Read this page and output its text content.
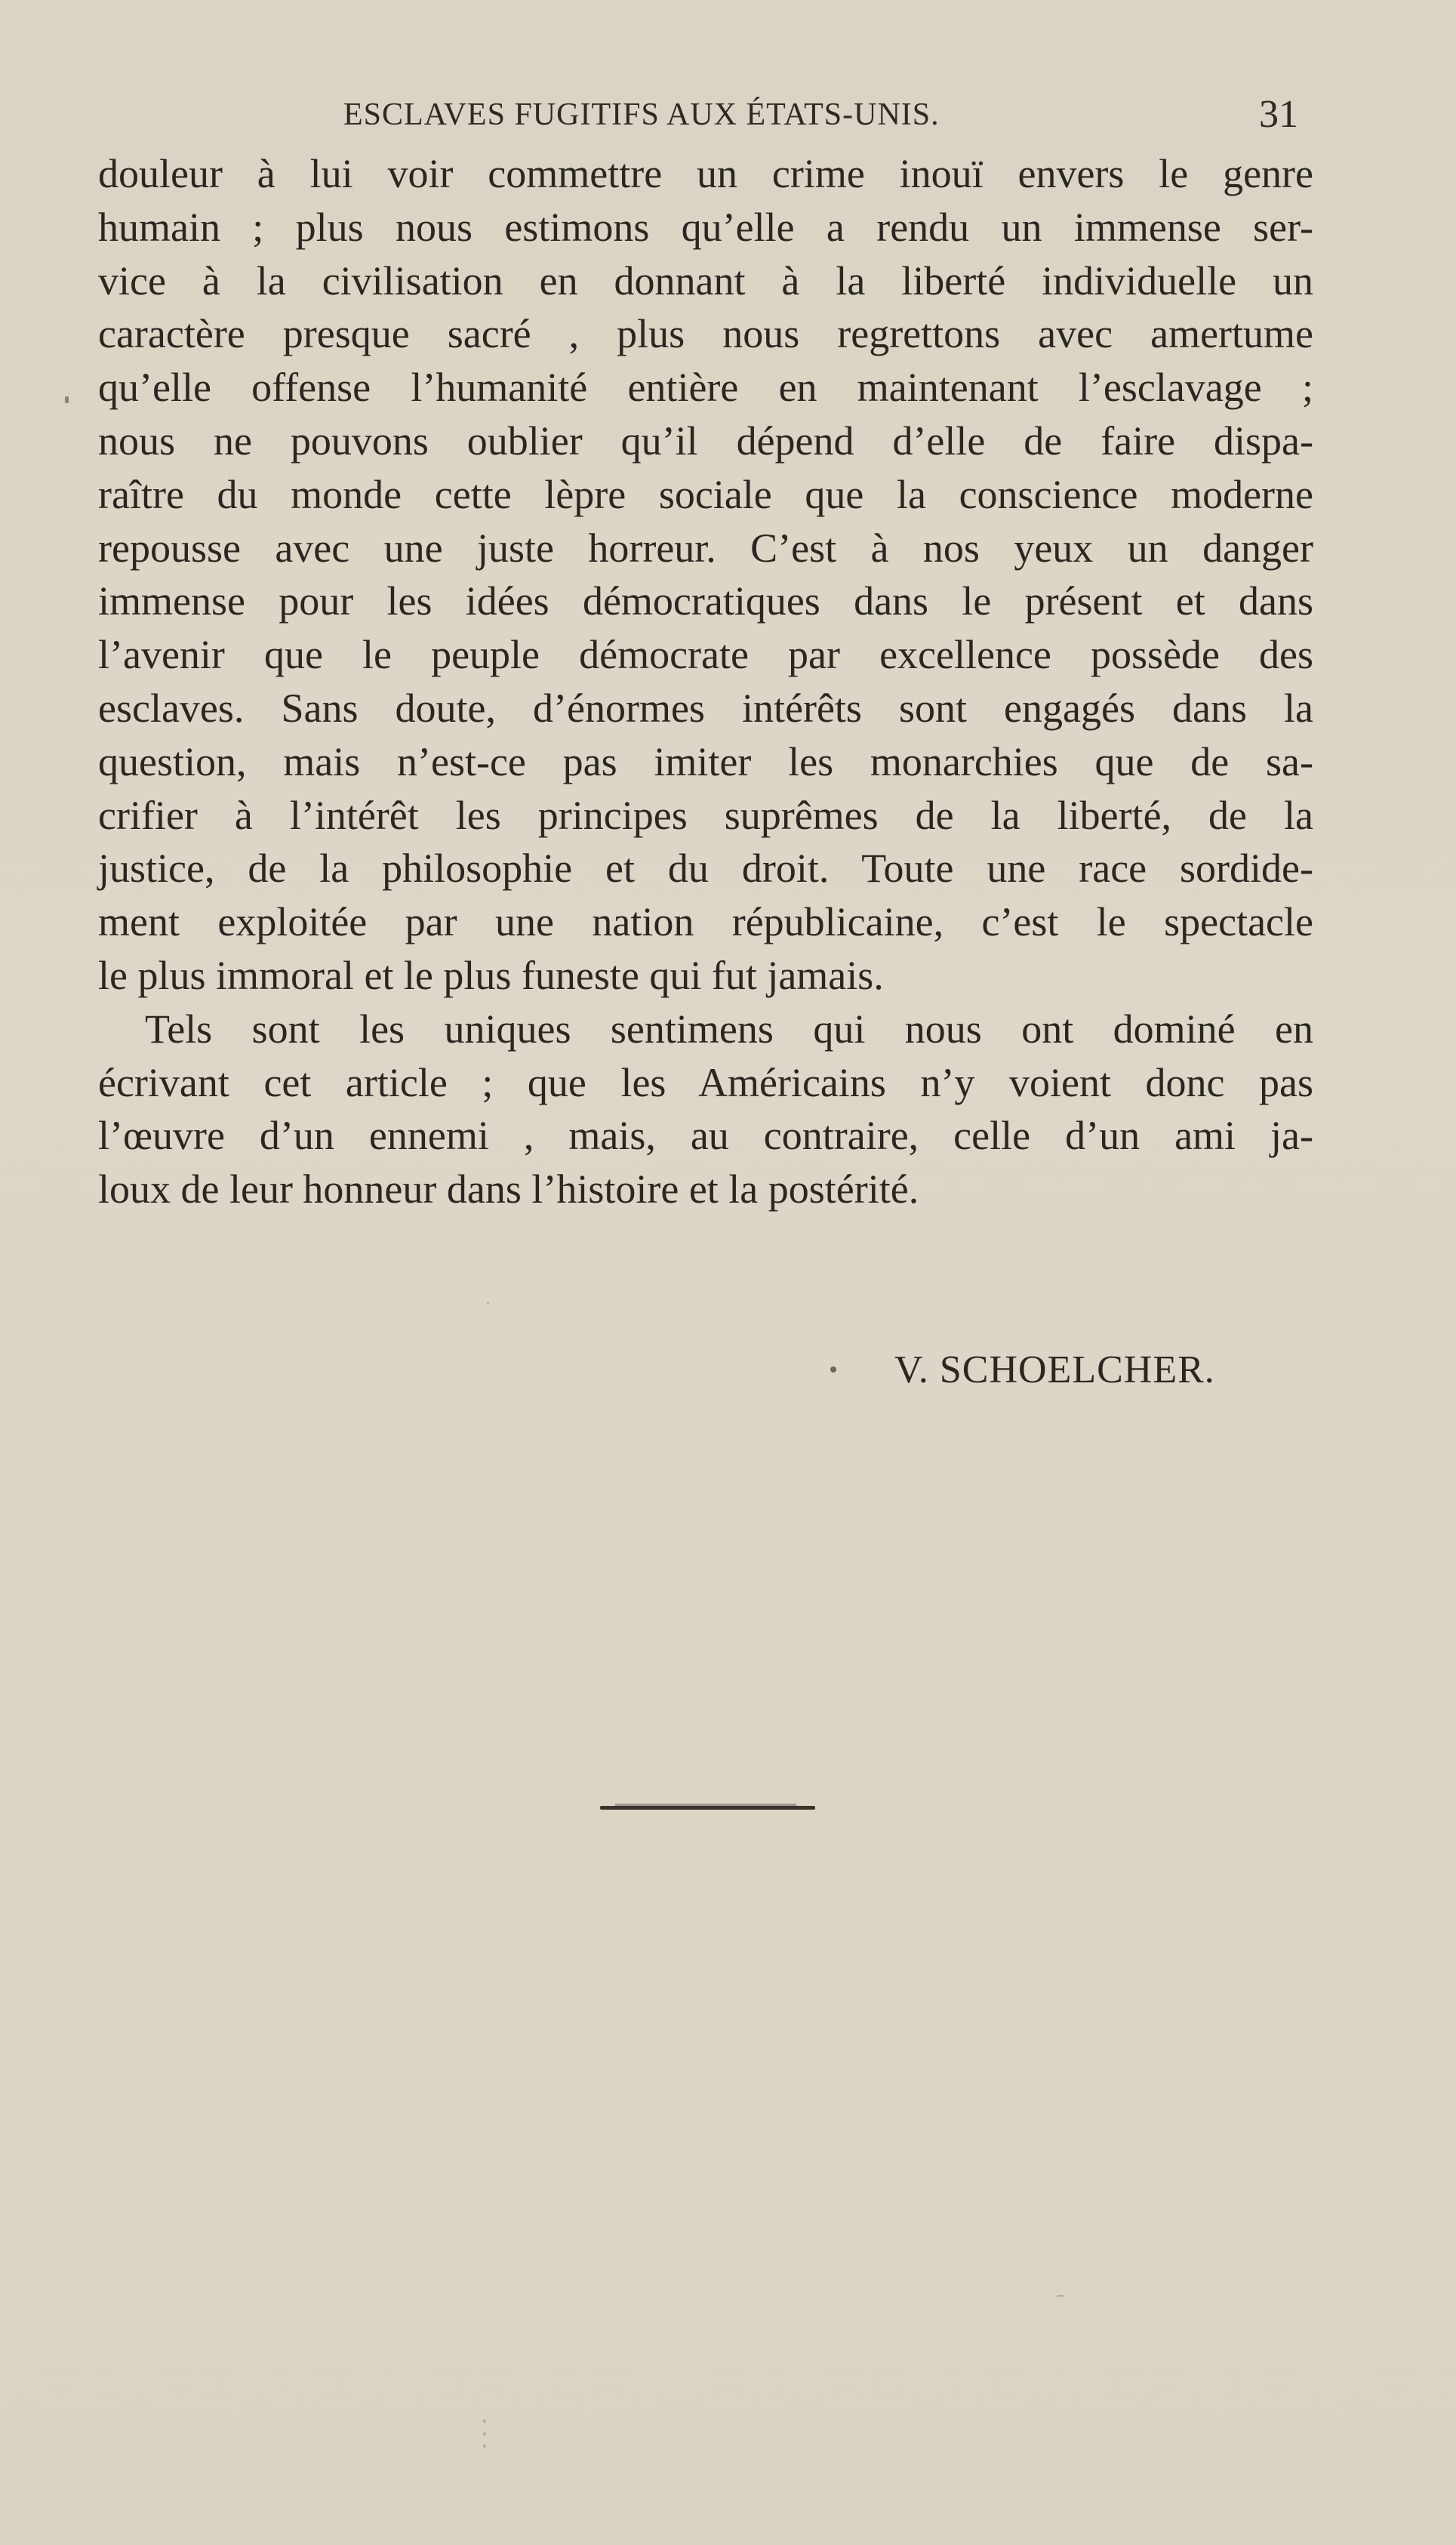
ESCLAVES FUGITIFS AUX ÉTATS-UNIS.	31
douleur à lui voir commettre un crime inouï envers le genre
humain ; plus nous estimons qu’elle a rendu un immense ser-
vice à la civilisation en donnant à la liberté individuelle un
caractère presque sacré , plus nous regrettons avec amertume
qu’elle offense l’humanité entière en maintenant l’esclavage ;
nous ne pouvons oublier qu’il dépend d’elle de faire dispa-
raître du monde cette lèpre sociale que la conscience moderne
repousse avec une juste horreur. C’est à nos yeux un danger
immense pour les idées démocratiques dans le présent et dans
l’avenir que le peuple démocrate par excellence possède des
esclaves. Sans doute, d’énormes intérêts sont engagés dans la
question, mais n’est-ce pas imiter les monarchies que de sa-
crifier à l’intérêt les principes suprêmes de la liberté, de la
justice, de la philosophie et du droit. Toute une race sordide-
ment exploitée par une nation républicaine, c’est le spectacle
le plus immoral et le plus funeste qui fut jamais.
Tels sont les uniques sentimens qui nous ont dominé en
écrivant cet article ; que les Américains n’y voient donc pas
l’œuvre d’un ennemi , mais, au contraire, celle d’un ami ja-
loux de leur honneur dans l’histoire et la postérité.
V. SCHOELCHER.
